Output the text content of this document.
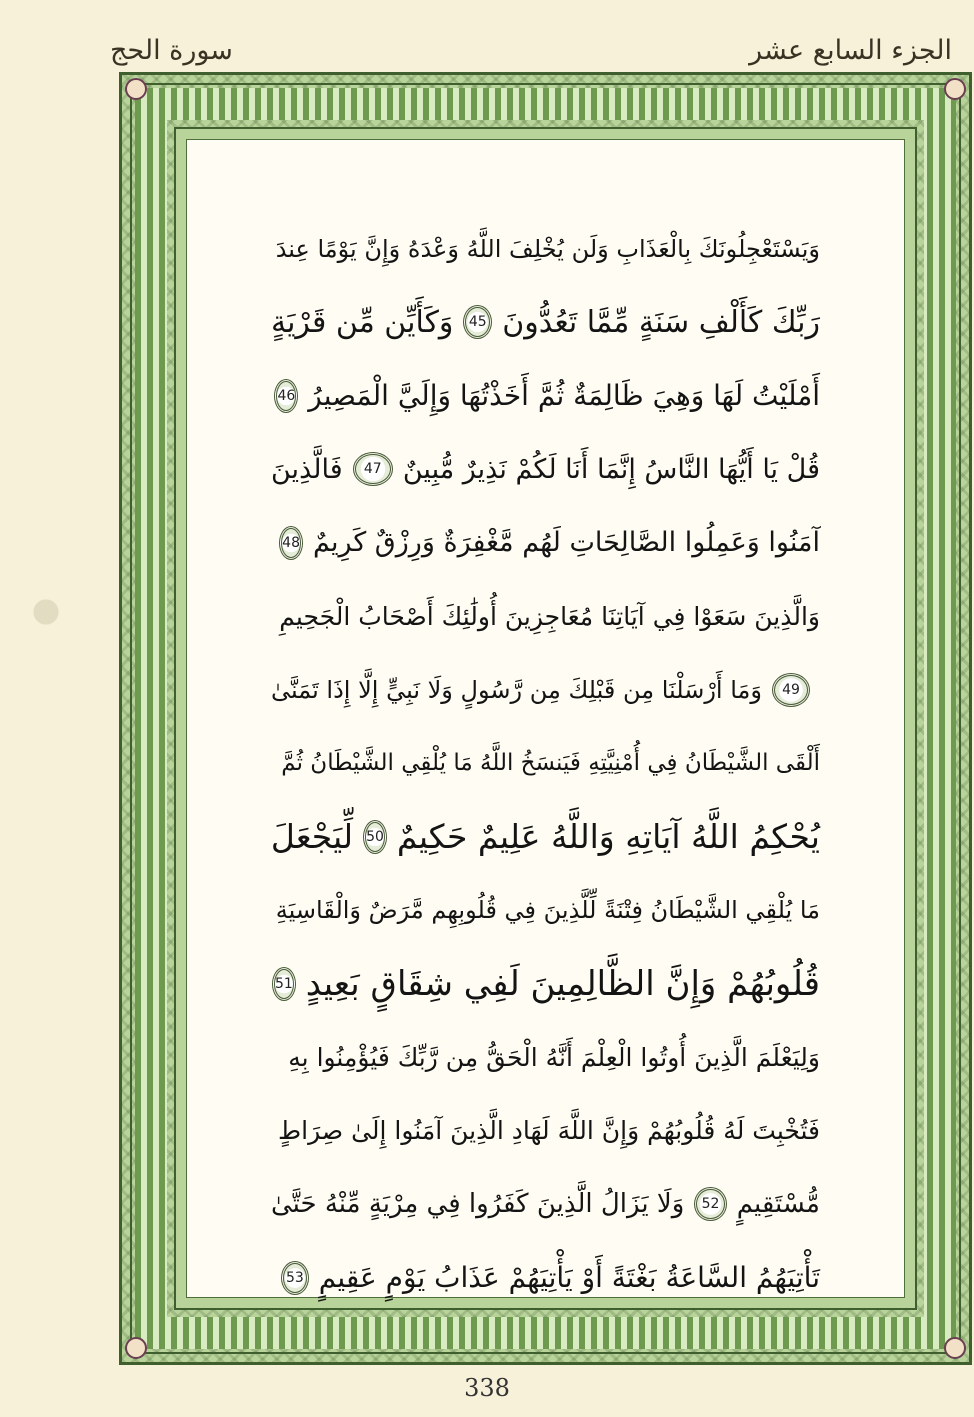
سورة الحج	الجزء السابع عشر
وَيَسْتَعْجِلُونَكَ بِالْعَذَابِ وَلَن يُخْلِفَ اللَّهُ وَعْدَهُ وَإِنَّ يَوْمًا عِندَ
رَبِّكَ كَأَلْفِ سَنَةٍ مِّمَّا تَعُدُّونَ
45
وَكَأَيِّن مِّن قَرْيَةٍ
أَمْلَيْتُ لَهَا وَهِيَ ظَالِمَةٌ ثُمَّ أَخَذْتُهَا وَإِلَيَّ الْمَصِيرُ
46
قُلْ يَا أَيُّهَا النَّاسُ إِنَّمَا أَنَا لَكُمْ نَذِيرٌ مُّبِينٌ
47
فَالَّذِينَ
آمَنُوا وَعَمِلُوا الصَّالِحَاتِ لَهُم مَّغْفِرَةٌ وَرِزْقٌ كَرِيمٌ
48
وَالَّذِينَ سَعَوْا فِي آيَاتِنَا مُعَاجِزِينَ أُولَٰئِكَ أَصْحَابُ الْجَحِيمِ
49
وَمَا أَرْسَلْنَا مِن قَبْلِكَ مِن رَّسُولٍ وَلَا نَبِيٍّ إِلَّا إِذَا تَمَنَّىٰ
أَلْقَى الشَّيْطَانُ فِي أُمْنِيَّتِهِ فَيَنسَخُ اللَّهُ مَا يُلْقِي الشَّيْطَانُ ثُمَّ
يُحْكِمُ اللَّهُ آيَاتِهِ وَاللَّهُ عَلِيمٌ حَكِيمٌ
50
لِّيَجْعَلَ
مَا يُلْقِي الشَّيْطَانُ فِتْنَةً لِّلَّذِينَ فِي قُلُوبِهِم مَّرَضٌ وَالْقَاسِيَةِ
قُلُوبُهُمْ وَإِنَّ الظَّالِمِينَ لَفِي شِقَاقٍ بَعِيدٍ
51
وَلِيَعْلَمَ الَّذِينَ أُوتُوا الْعِلْمَ أَنَّهُ الْحَقُّ مِن رَّبِّكَ فَيُؤْمِنُوا بِهِ
فَتُخْبِتَ لَهُ قُلُوبُهُمْ وَإِنَّ اللَّهَ لَهَادِ الَّذِينَ آمَنُوا إِلَىٰ صِرَاطٍ
مُّسْتَقِيمٍ
52
وَلَا يَزَالُ الَّذِينَ كَفَرُوا فِي مِرْيَةٍ مِّنْهُ حَتَّىٰ
تَأْتِيَهُمُ السَّاعَةُ بَغْتَةً أَوْ يَأْتِيَهُمْ عَذَابُ يَوْمٍ عَقِيمٍ
53
338
